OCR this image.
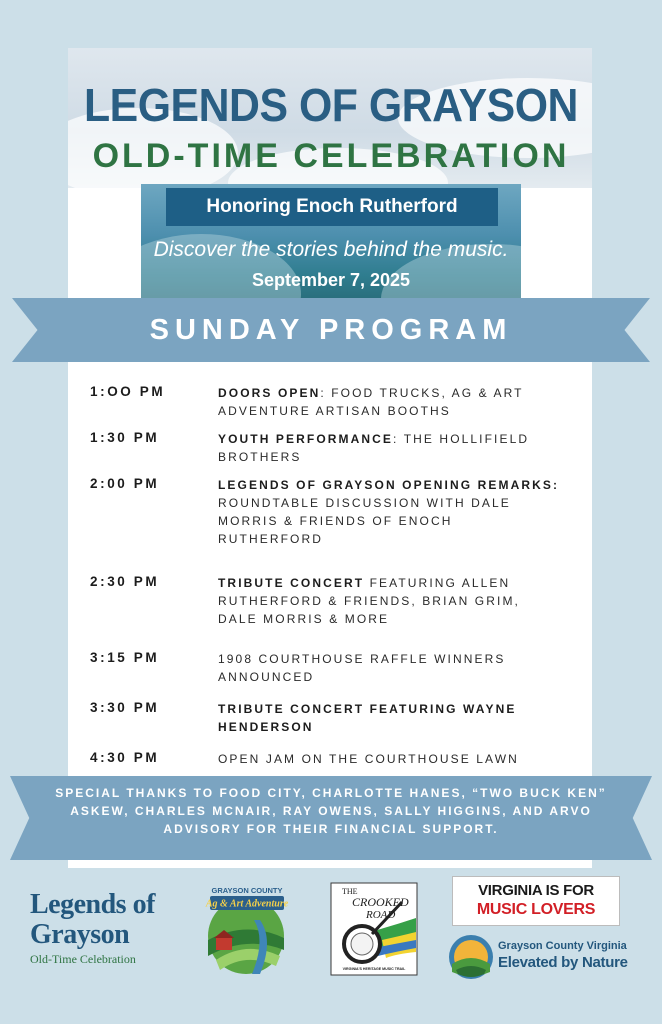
LEGENDS OF GRAYSON
OLD-TIME CELEBRATION
Honoring Enoch Rutherford
Discover the stories behind the music.
September 7, 2025
SUNDAY PROGRAM
1:OO PM	DOORS OPEN: FOOD TRUCKS, AG & ART ADVENTURE ARTISAN BOOTHS
1:30 PM	YOUTH PERFORMANCE: THE HOLLIFIELD BROTHERS
2:00 PM	LEGENDS OF GRAYSON OPENING REMARKS:
ROUNDTABLE DISCUSSION WITH DALE MORRIS & FRIENDS OF ENOCH RUTHERFORD
2:30 PM	TRIBUTE CONCERT FEATURING ALLEN RUTHERFORD & FRIENDS, BRIAN GRIM, DALE MORRIS & MORE
3:15 PM	1908 COURTHOUSE RAFFLE WINNERS ANNOUNCED
3:30 PM	TRIBUTE CONCERT FEATURING WAYNE HENDERSON
4:30 PM	OPEN JAM ON THE COURTHOUSE LAWN
SPECIAL THANKS TO FOOD CITY, CHARLOTTE HANES, “TWO BUCK KEN” ASKEW, CHARLES MCNAIR, RAY OWENS, SALLY HIGGINS, AND ARVO ADVISORY FOR THEIR FINANCIAL SUPPORT.
Legends of
Grayson
Old-Time Celebration
GRAYSON COUNTY
Ag & Art Adventure
THE
CROOKED
ROAD
VIRGINIA'S HERITAGE MUSIC TRAIL
VIRGINIA IS FOR
MUSIC LOVERS
Grayson County Virginia
Elevated by Nature
